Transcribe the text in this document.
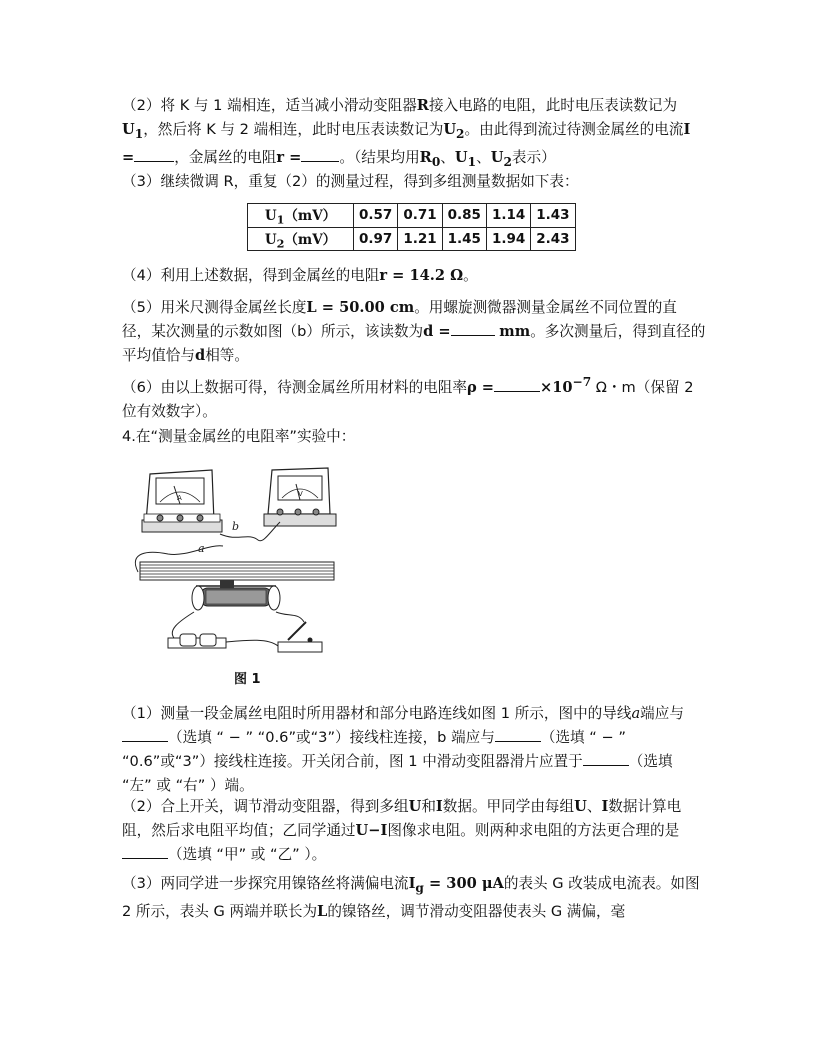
（2）将 K 与 1 端相连，适当减小滑动变阻器R接入电路的电阻，此时电压表读数记为$U_1$，然后将 K 与 2 端相连，此时电压表读数记为$U_2$。由此得到流过待测金属丝的电流I =	，金属丝的电阻r =	。（结果均用$R_0$、$U_1$、$U_2$表示）

（3）继续微调 R，重复（2）的测量过程，得到多组测量数据如下表：

$U_1(mV)$	0.57	0.71	0.85	1.14	1.43
$U_2(mV)$	0.97	1.21	1.45	1.94	2.43

（4）利用上述数据，得到金属丝的电阻r = 14.2 Ω。

（5）用米尺测得金属丝长度L = 50.00 cm。用螺旋测微器测量金属丝不同位置的直径，某次测量的示数如图（b）所示，该读数为d =	mm。多次测量后，得到直径的平均值恰与d相等。

（6）由以上数据可得，待测金属丝所用材料的电阻率ρ =	$\times 10^{-7}$ Ω・m（保留 2 位有效数字）。

4.在“测量金属丝的电阻率”实验中：

A	V
a
b
图 1

（1）测量一段金属丝电阻时所用器材和部分电路连线如图 1 所示，图中的导线a端应与（选填 “ − ” “0.6”或“3”）接线柱连接，b 端应与	（选填 “ − ” “0.6”或“3”）接线柱连接。开关闭合前，图 1 中滑动变阻器滑片应置于	（选填 “左” 或 “右” ）端。

（2）合上开关，调节滑动变阻器，得到多组U和I数据。甲同学由每组U、I数据计算电阻，然后求电阻平均值；乙同学通过U−I图像求电阻。则两种求电阻的方法更合理的是（选填 “甲” 或 “乙” ）。

（3）两同学进一步探究用镍铬丝将满偏电流$I_g = 300$ μA的表头 G 改装成电流表。如图 2 所示，表头 G 两端并联长为L的镍铬丝，调节滑动变阻器使表头 G 满偏，毫
